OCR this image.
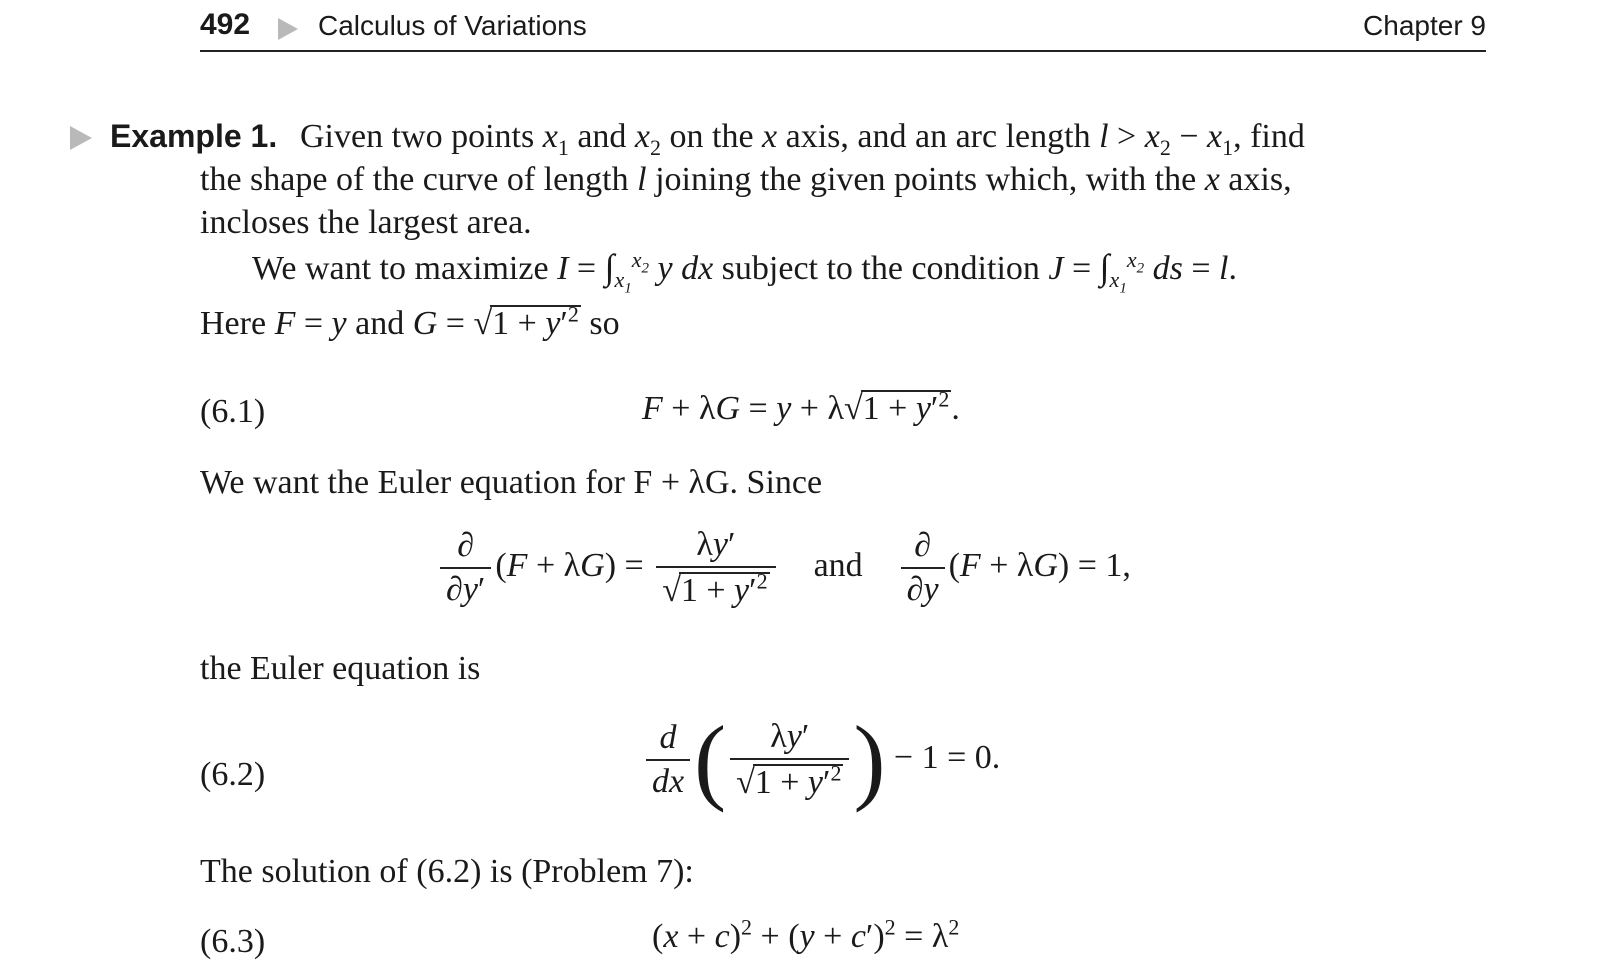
492 Calculus of Variations	Chapter 9
Example 1. Given two points $x_1$ and $x_2$ on the x axis, and an arc length $l > x_2 - x_1$, find
the shape of the curve of length l joining the given points which, with the x axis,
incloses the largest area.
We want to maximize $I = \int_{x_1}^{x_2}$ y dx subject to the condition $J = \int_{x_1}^{x_2}$ ds = l.
Here F = y and $G = √1 + y'^2$ so
(6.1)	$F + \lambda G = y + \lambda√1 + y'^2$.
We want the Euler equation for F + λG. Since
$\frac{\partial}{\partial y'} (F + \lambda G) = \frac{\lambda y'}{√1 + y'^2}$ and $\frac{\partial}{\partial y} (F + \lambda G) = 1$,
the Euler equation is
(6.2)	$\frac{d}{dx}$ ( $\frac{\lambda y'}{√1 + y'^2}$ ) − 1 = 0.
The solution of (6.2) is (Problem 7):
(6.3)	$(x + c)^2 + (y + c')^2 = \lambda^2$
